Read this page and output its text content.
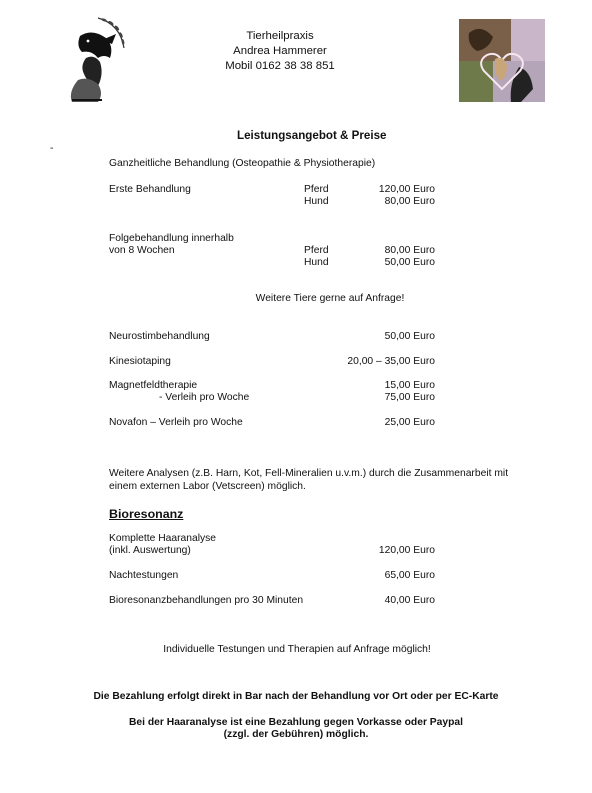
Tierheilpraxis
Andrea Hammerer
Mobil 0162 38 38 851
Leistungsangebot & Preise
-
Ganzheitliche Behandlung (Osteopathie & Physiotherapie)
Erste Behandlung	Pferd	120,00 Euro
Hund	80,00 Euro
Folgebehandlung innerhalb
von 8 Wochen	Pferd	80,00 Euro
Hund	50,00 Euro
Weitere Tiere gerne auf Anfrage!
Neurostimbehandlung	50,00 Euro
Kinesiotaping	20,00 – 35,00 Euro
Magnetfeldtherapie	15,00 Euro
- Verleih pro Woche	75,00 Euro
Novafon – Verleih pro Woche	25,00 Euro
Weitere Analysen (z.B. Harn, Kot, Fell-Mineralien u.v.m.) durch die Zusammenarbeit mit
einem externen Labor (Vetscreen) möglich.
Bioresonanz
Komplette Haaranalyse
(inkl. Auswertung)	120,00 Euro
Nachtestungen	65,00 Euro
Bioresonanzbehandlungen pro 30 Minuten	40,00 Euro
Individuelle Testungen und Therapien auf Anfrage möglich!
Die Bezahlung erfolgt direkt in Bar nach der Behandlung vor Ort oder per EC-Karte
Bei der Haaranalyse ist eine Bezahlung gegen Vorkasse oder Paypal
(zzgl. der Gebühren) möglich.
